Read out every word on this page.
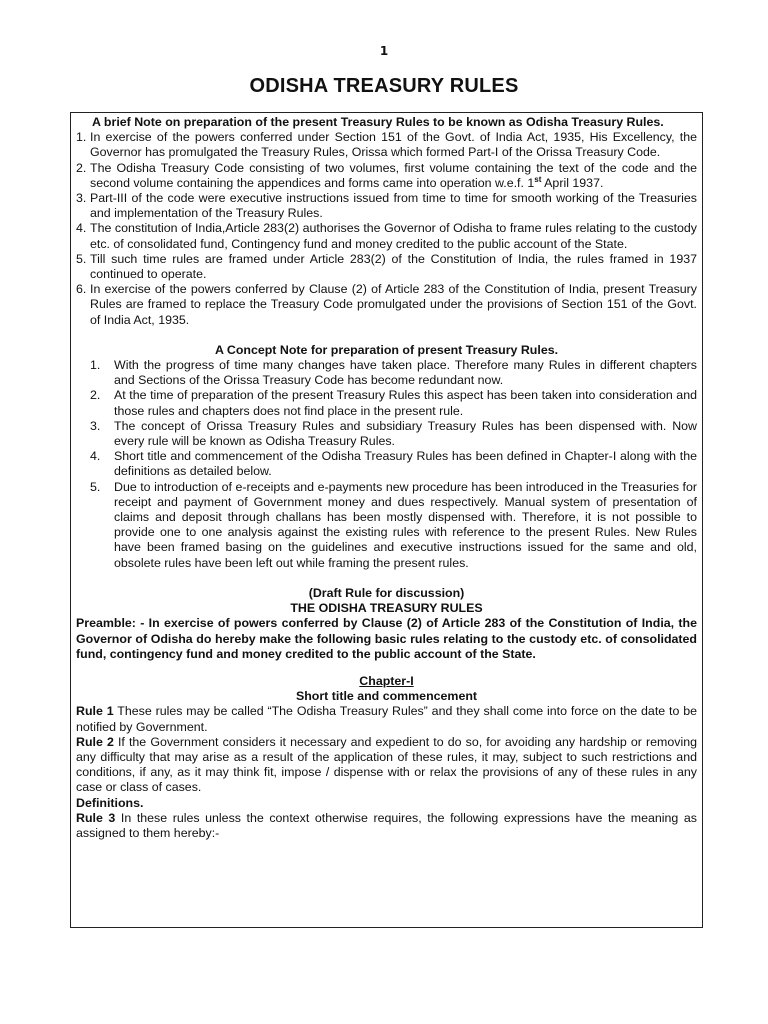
1
ODISHA TREASURY RULES

A brief Note on preparation of the present Treasury Rules to be known as Odisha Treasury Rules.

1. In exercise of the powers conferred under Section 151 of the Govt. of India Act, 1935, His Excellency, the Governor has promulgated the Treasury Rules, Orissa which formed Part-I of the Orissa Treasury Code.
2. The Odisha Treasury Code consisting of two volumes, first volume containing the text of the code and the second volume containing the appendices and forms came into operation w.e.f. 1st April 1937.
3. Part-III of the code were executive instructions issued from time to time for smooth working of the Treasuries and implementation of the Treasury Rules.
4. The constitution of India,Article 283(2) authorises the Governor of Odisha to frame rules relating to the custody etc. of consolidated fund, Contingency fund and money credited to the public account of the State.
5. Till such time rules are framed under Article 283(2) of the Constitution of India, the rules framed in 1937 continued to operate.
6. In exercise of the powers conferred by Clause (2) of Article 283 of the Constitution of India, present Treasury Rules are framed to replace the Treasury Code promulgated under the provisions of Section 151 of the Govt. of India Act, 1935.

A Concept Note for preparation of present Treasury Rules.

1.	With the progress of time many changes have taken place. Therefore many Rules in different chapters and Sections of the Orissa Treasury Code has become redundant now.
2.	At the time of preparation of the present Treasury Rules this aspect has been taken into consideration and those rules and chapters does not find place in the present rule.
3.	The concept of Orissa Treasury Rules and subsidiary Treasury Rules has been dispensed with. Now every rule will be known as Odisha Treasury Rules.
4.	Short title and commencement of the Odisha Treasury Rules has been defined in Chapter-I along with the definitions as detailed below.
5.	Due to introduction of e-receipts and e-payments new procedure has been introduced in the Treasuries for receipt and payment of Government money and dues respectively. Manual system of presentation of claims and deposit through challans has been mostly dispensed with. Therefore, it is not possible to provide one to one analysis against the existing rules with reference to the present Rules. New Rules have been framed basing on the guidelines and executive instructions issued for the same and old, obsolete rules have been left out while framing the present rules.

(Draft Rule for discussion)

THE ODISHA TREASURY RULES

Preamble: - In exercise of powers conferred by Clause (2) of Article 283 of the Constitution of India, the Governor of Odisha do hereby make the following basic rules relating to the custody etc. of consolidated fund, contingency fund and money credited to the public account of the State.

Chapter-I

Short title and commencement

Rule 1 These rules may be called “The Odisha Treasury Rules” and they shall come into force on the date to be notified by Government.

Rule 2 If the Government considers it necessary and expedient to do so, for avoiding any hardship or removing any difficulty that may arise as a result of the application of these rules, it may, subject to such restrictions and conditions, if any, as it may think fit, impose / dispense with or relax the provisions of any of these rules in any case or class of cases.

Definitions.

Rule 3 In these rules unless the context otherwise requires, the following expressions have the meaning as assigned to them hereby:-
